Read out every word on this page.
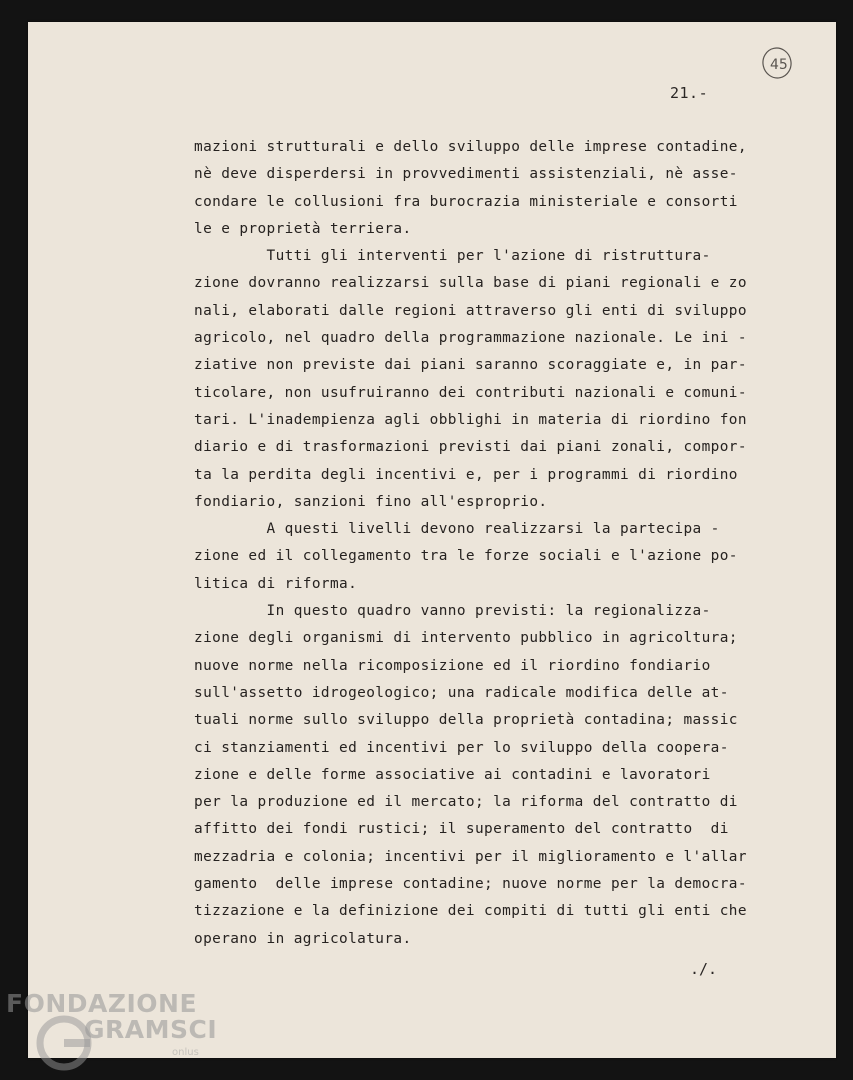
45
21.-
mazioni strutturali e dello sviluppo delle imprese contadine,
nè deve disperdersi in provvedimenti assistenziali, nè asse-
condare le collusioni fra burocrazia ministeriale e consorti
le e proprietà terriera.
Tutti gli interventi per l'azione di ristruttura-
zione dovranno realizzarsi sulla base di piani regionali e zo
nali, elaborati dalle regioni attraverso gli enti di sviluppo
agricolo, nel quadro della programmazione nazionale. Le ini -
ziative non previste dai piani saranno scoraggiate e, in par-
ticolare, non usufruiranno dei contributi nazionali e comuni-
tari. L'inadempienza agli obblighi in materia di riordino fon
diario e di trasformazioni previsti dai piani zonali, compor-
ta la perdita degli incentivi e, per i programmi di riordino
fondiario, sanzioni fino all'esproprio.
A questi livelli devono realizzarsi la partecipa -
zione ed il collegamento tra le forze sociali e l'azione po-
litica di riforma.
In questo quadro vanno previsti: la regionalizza-
zione degli organismi di intervento pubblico in agricoltura;
nuove norme nella ricomposizione ed il riordino fondiario
sull'assetto idrogeologico; una radicale modifica delle at-
tuali norme sullo sviluppo della proprietà contadina; massic
ci stanziamenti ed incentivi per lo sviluppo della coopera-
zione e delle forme associative ai contadini e lavoratori
per la produzione ed il mercato; la riforma del contratto di
affitto dei fondi rustici; il superamento del contratto  di
mezzadria e colonia; incentivi per il miglioramento e l'allar
gamento  delle imprese contadine; nuove norme per la democra-
tizzazione e la definizione dei compiti di tutti gli enti che
operano in agricolatura.
./.
FONDAZIONE
GRAMSCI
onlus
